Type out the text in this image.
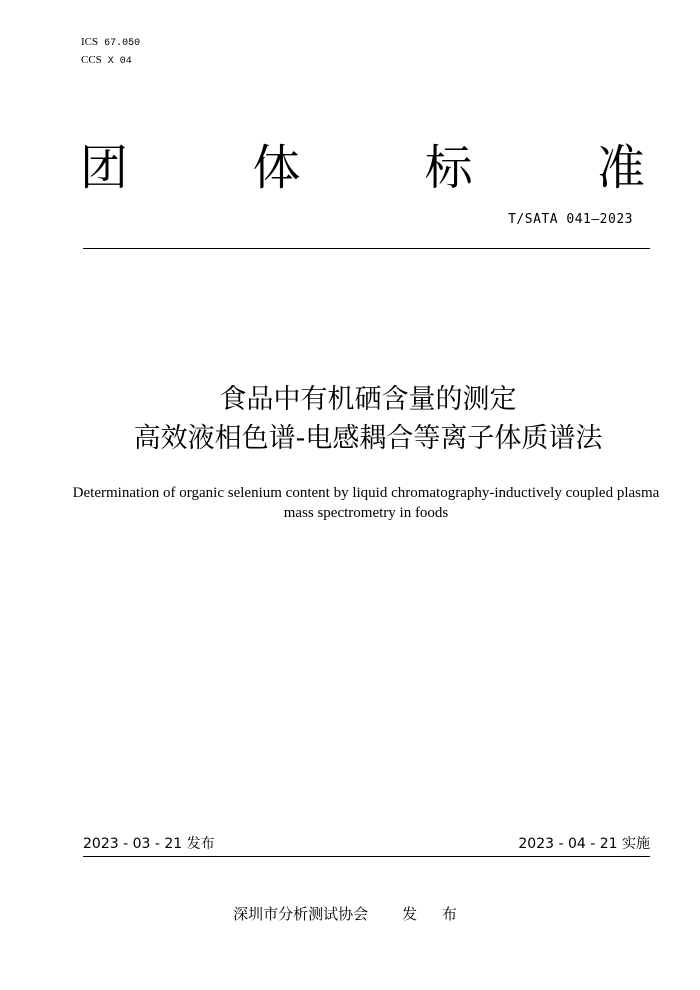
ICS 67.050
CCS X 04
团	体	标	准
T/SATA 041—2023
食品中有机硒含量的测定
高效液相色谱-电感耦合等离子体质谱法
Determination of organic selenium content by liquid chromatography-inductively coupled plasma mass spectrometry in foods
2023 - 03 - 21 发布	2023 - 04 - 21 实施
深圳市分析测试协会 发 布
